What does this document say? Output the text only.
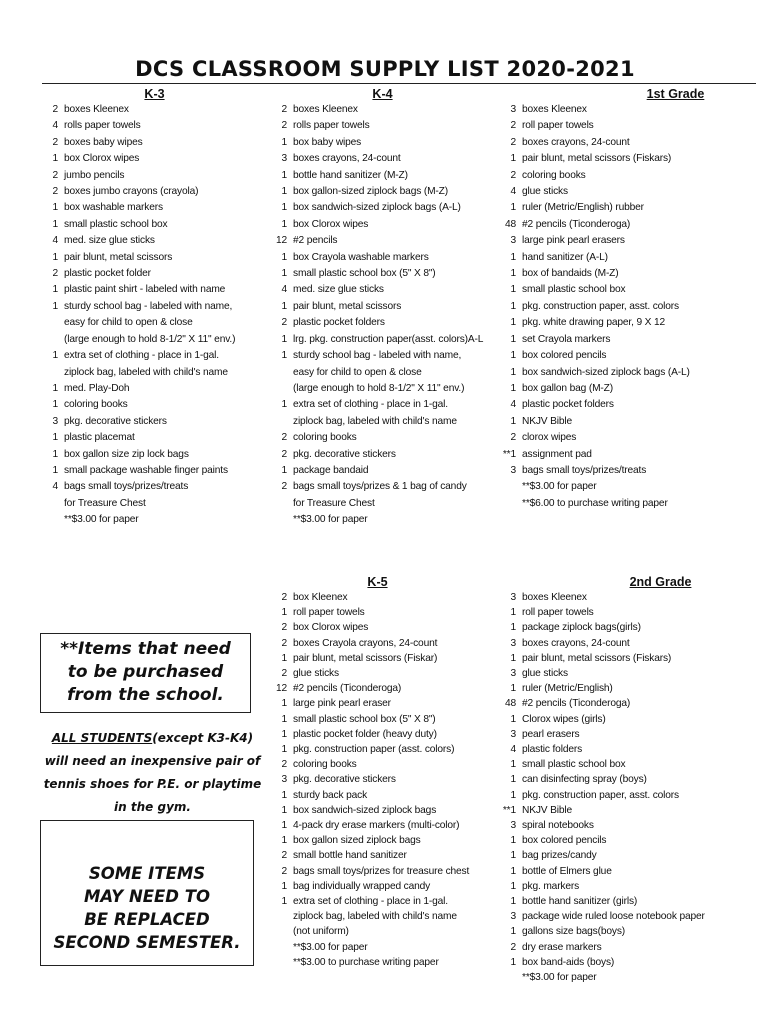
DCS CLASSROOM SUPPLY LIST 2020-2021
K-3
2 boxes Kleenex
4 rolls paper towels
2 boxes baby wipes
1 box Clorox wipes
2 jumbo pencils
2 boxes jumbo crayons (crayola)
1 box washable markers
1 small plastic school box
4 med. size glue sticks
1 pair blunt, metal scissors
2 plastic pocket folder
1 plastic paint shirt - labeled with name
1 sturdy school bag - labeled with name,
easy for child to open & close
(large enough to hold 8-1/2" X 11" env.)
1 extra set of clothing - place in 1-gal.
ziplock bag, labeled with child's name
1 med. Play-Doh
1 coloring books
3 pkg. decorative stickers
1 plastic placemat
1 box gallon size zip lock bags
1 small package washable finger paints
4 bags small toys/prizes/treats
for Treasure Chest
**$3.00 for paper
K-4
2 boxes Kleenex
2 rolls paper towels
1 box baby wipes
3 boxes crayons, 24-count
1 bottle hand sanitizer (M-Z)
1 box gallon-sized ziplock bags (M-Z)
1 box sandwich-sized ziplock bags (A-L)
1 box Clorox wipes
12 #2 pencils
1 box Crayola washable markers
1 small plastic school box (5" X 8")
4 med. size glue sticks
1 pair blunt, metal scissors
2 plastic pocket folders
1 lrg. pkg. construction paper(asst. colors)A-L
1 sturdy school bag - labeled with name,
easy for child to open & close
(large enough to hold 8-1/2" X 11" env.)
1 extra set of clothing - place in 1-gal.
ziplock bag, labeled with child's name
2 coloring books
2 pkg. decorative stickers
1 package bandaid
2 bags small toys/prizes & 1 bag of candy
for Treasure Chest
**$3.00 for paper
1st Grade
3 boxes Kleenex
2 roll paper towels
2 boxes crayons, 24-count
1 pair blunt, metal scissors (Fiskars)
2 coloring books
4 glue sticks
1 ruler (Metric/English) rubber
48 #2 pencils (Ticonderoga)
3 large pink pearl erasers
1 hand sanitizer (A-L)
1 box of bandaids (M-Z)
1 small plastic school box
1 pkg. construction paper, asst. colors
1 pkg. white drawing paper, 9 X 12
1 set Crayola markers
1 box colored pencils
1 box sandwich-sized ziplock bags (A-L)
1 box gallon bag (M-Z)
4 plastic pocket folders
1 NKJV Bible
2 clorox wipes
**1 assignment pad
3 bags small toys/prizes/treats
**$3.00 for paper
**$6.00 to purchase writing paper
K-5
2 box Kleenex
1 roll paper towels
2 box Clorox wipes
2 boxes Crayola crayons, 24-count
1 pair blunt, metal scissors (Fiskar)
2 glue sticks
12 #2 pencils (Ticonderoga)
1 large pink pearl eraser
1 small plastic school box (5" X 8")
1 plastic pocket folder (heavy duty)
1 pkg. construction paper (asst. colors)
2 coloring books
3 pkg. decorative stickers
1 sturdy back pack
1 box sandwich-sized ziplock bags
1 4-pack dry erase markers (multi-color)
1 box gallon sized ziplock bags
2 small bottle hand sanitizer
2 bags small toys/prizes for treasure chest
1 bag individually wrapped candy
1 extra set of clothing - place in 1-gal.
ziplock bag, labeled with child's name
(not uniform)
**$3.00 for paper
**$3.00 to purchase writing paper
2nd Grade
3 boxes Kleenex
1 roll paper towels
1 package ziplock bags(girls)
3 boxes crayons, 24-count
1 pair blunt, metal scissors (Fiskars)
3 glue sticks
1 ruler (Metric/English)
48 #2 pencils (Ticonderoga)
1 Clorox wipes (girls)
3 pearl erasers
4 plastic folders
1 small plastic school box
1 can disinfecting spray (boys)
1 pkg. construction paper, asst. colors
**1 NKJV Bible
3 spiral notebooks
1 box colored pencils
1 bag prizes/candy
1 bottle of Elmers glue
1 pkg. markers
1 bottle hand sanitizer (girls)
3 package wide ruled loose notebook paper
1 gallons size bags(boys)
2 dry erase markers
1 box band-aids (boys)
**$3.00 for paper
**Items that need
to be purchased
from the school.
ALL STUDENTS(except K3-K4)
will need an inexpensive pair of
tennis shoes for P.E. or playtime
in the gym.
SOME ITEMS
MAY NEED TO
BE REPLACED
SECOND SEMESTER.
